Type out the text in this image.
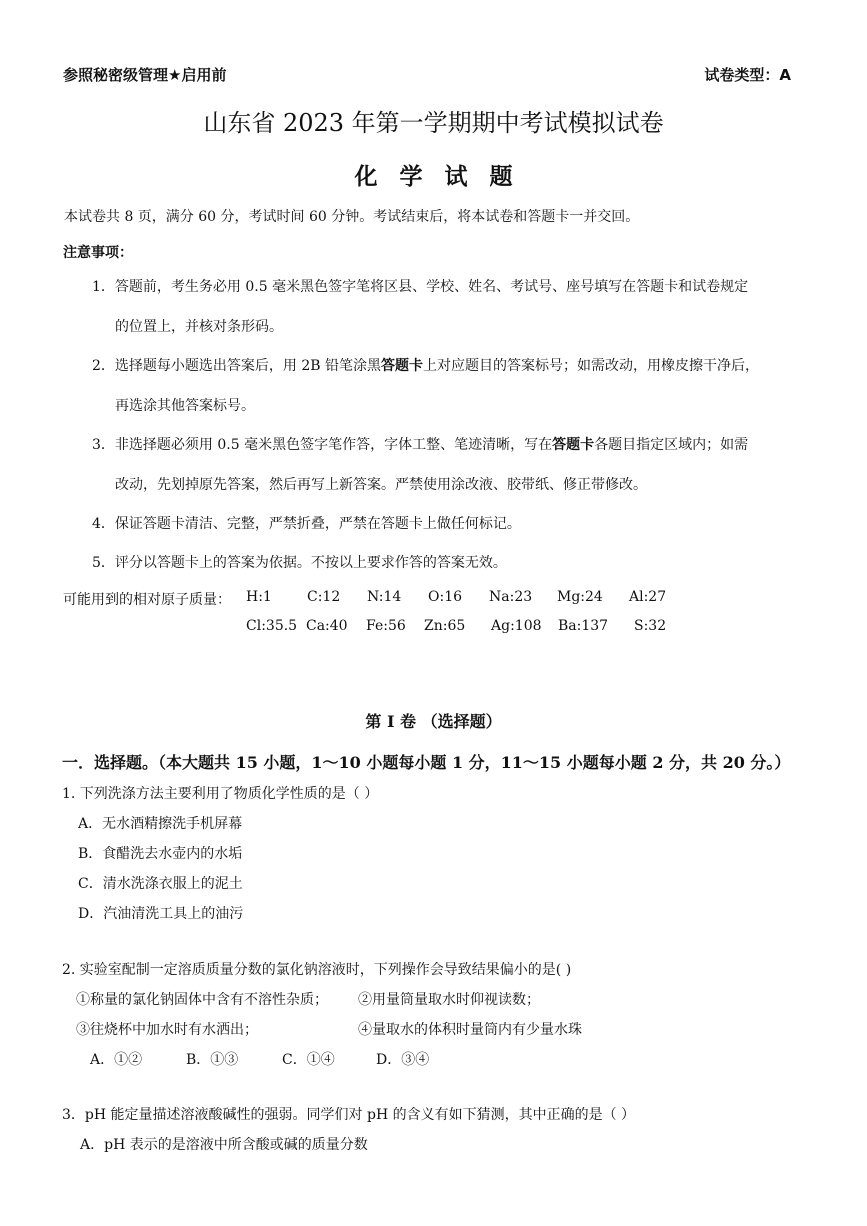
参照秘密级管理★启用前	试卷类型：A
山东省 2023 年第一学期期中考试模拟试卷
化学试题
本试卷共 8 页，满分 60 分，考试时间 60 分钟。考试结束后，将本试卷和答题卡一并交回。
注意事项：
1．答题前，考生务必用 0.5 毫米黑色签字笔将区县、学校、姓名、考试号、座号填写在答题卡和试卷规定
的位置上，并核对条形码。
2．选择题每小题选出答案后，用 2B 铅笔涂黑答题卡上对应题目的答案标号；如需改动，用橡皮擦干净后，
再选涂其他答案标号。
3．非选择题必须用 0.5 毫米黑色签字笔作答，字体工整、笔迹清晰，写在答题卡各题目指定区域内；如需
改动，先划掉原先答案，然后再写上新答案。严禁使用涂改液、胶带纸、修正带修改。
4．保证答题卡清洁、完整，严禁折叠，严禁在答题卡上做任何标记。
5．评分以答题卡上的答案为依据。不按以上要求作答的答案无效。
可能用到的相对原子质量： H:1	C:12 N:14 O:16 Na:23 Mg:24 Al:27
Cl:35.5 Ca:40 Fe:56 Zn:65 Ag:108 Ba:137 S:32
第 I 卷 （选择题）
一．选择题。（本大题共 15 小题，1～10 小题每小题 1 分，11～15 小题每小题 2 分，共 20 分。）
1. 下列洗涤方法主要利用了物质化学性质的是（ ）
A．无水酒精擦洗手机屏幕
B．食醋洗去水壶内的水垢
C．清水洗涤衣服上的泥土
D．汽油清洗工具上的油污
2. 实验室配制一定溶质质量分数的氯化钠溶液时，下列操作会导致结果偏小的是( )
①称量的氯化钠固体中含有不溶性杂质； ②用量筒量取水时仰视读数；
③往烧杯中加水时有水洒出；	④量取水的体积时量筒内有少量水珠
A．①②	B．①③	C．①④	D．③④
3．pH 能定量描述溶液酸碱性的强弱。同学们对 pH 的含义有如下猜测，其中正确的是（ ）
A．pH 表示的是溶液中所含酸或碱的质量分数
